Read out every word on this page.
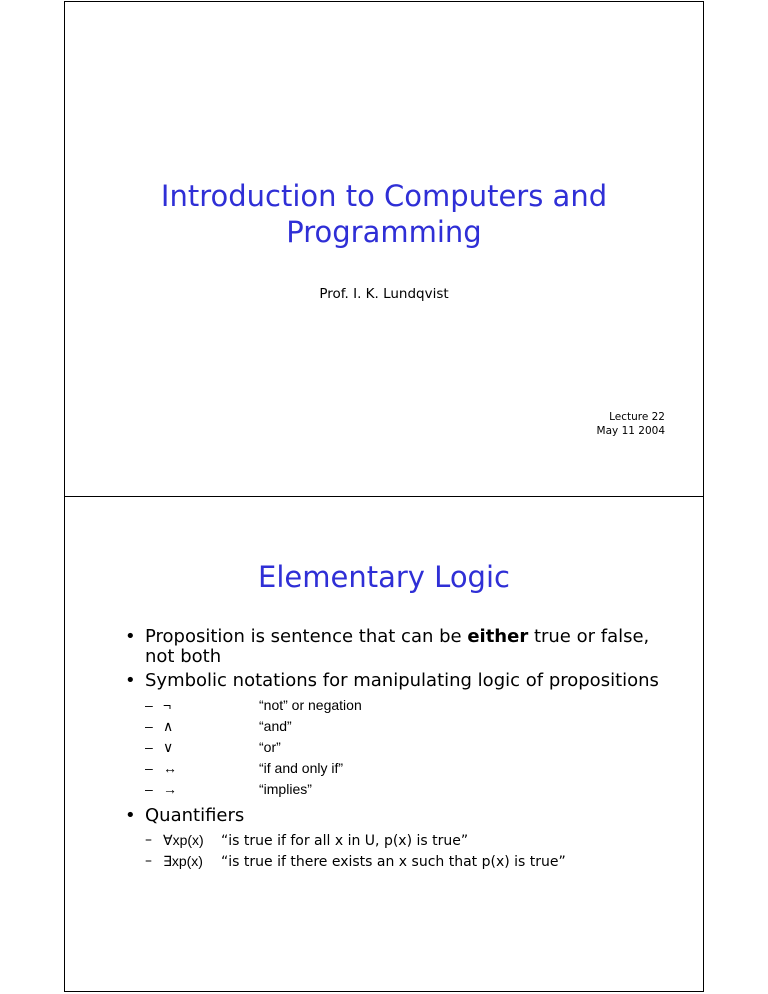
Introduction to Computers and
Programming
Prof. I. K. Lundqvist
Lecture 22
May 11 2004
Elementary Logic
• Proposition is sentence that can be either true or false, not both
• Symbolic notations for manipulating logic of propositions
– ¬	“not” or negation
– ∧	“and”
– ∨	“or”
– ↔	“if and only if”
– →	“implies”
• Quantifiers
– ∀xp(x) “is true if for all x in U, p(x) is true”
– ∃xp(x) “is true if there exists an x such that p(x) is true”
